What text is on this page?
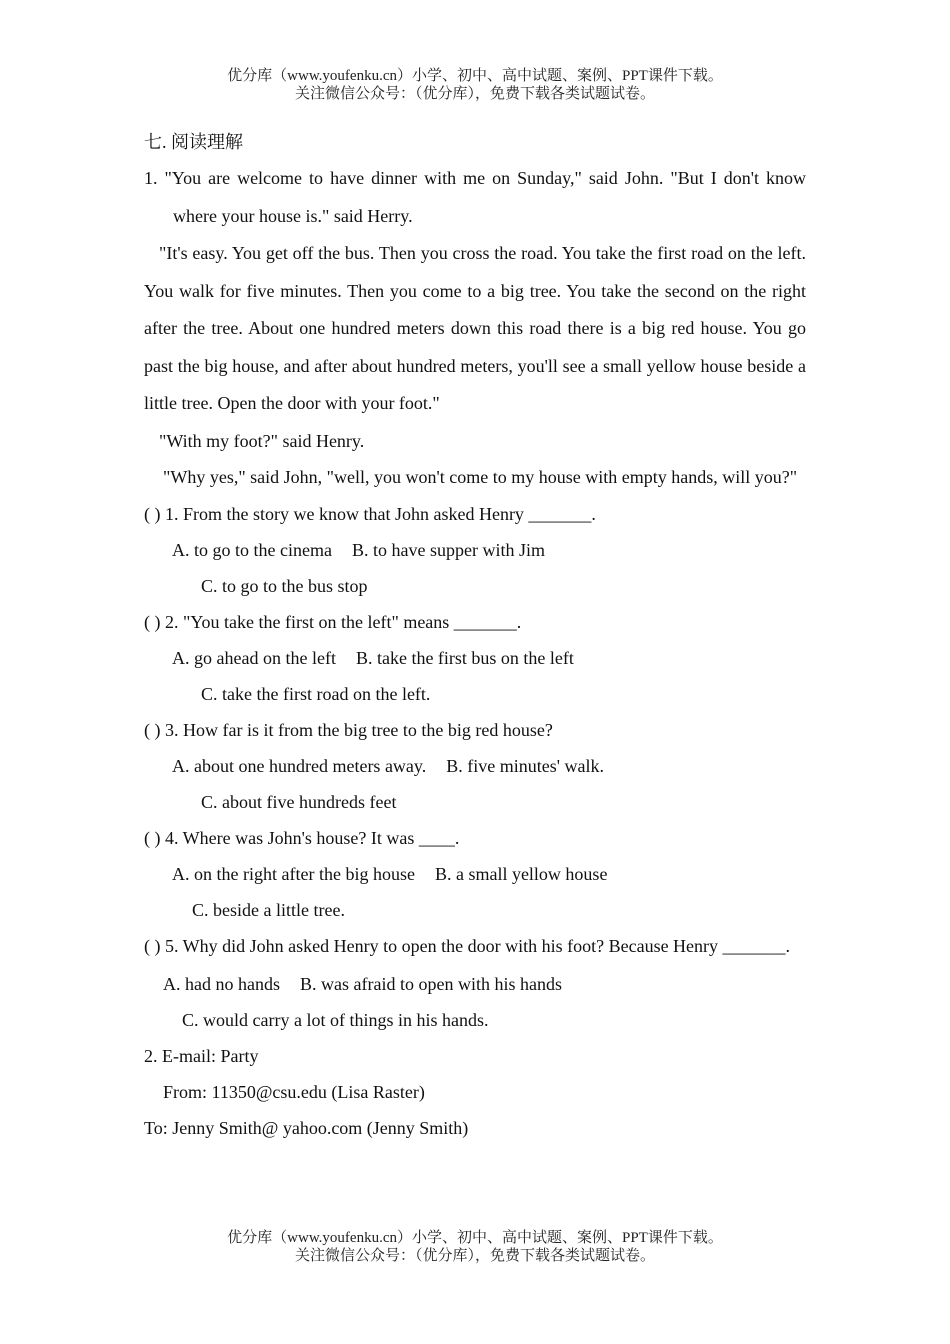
优分库（www.youfenku.cn）小学、初中、高中试题、案例、PPT课件下载。
关注微信公众号：（优分库），免费下载各类试题试卷。
七. 阅读理解
1. "You are welcome to have dinner with me on Sunday," said John. "But I don't know where your house is." said Herry.
"It's easy. You get off the bus. Then you cross the road. You take the first road on the left. You walk for five minutes. Then you come to a big tree. You take the second on the right after the tree. About one hundred meters down this road there is a big red house. You go past the big house, and after about hundred meters, you'll see a small yellow house beside a little tree. Open the door with your foot."
"With my foot?" said Henry.
"Why yes," said John, "well, you won't come to my house with empty hands, will you?"
( ) 1. From the story we know that John asked Henry _______.
A. to go to the cinema B. to have supper with Jim
C. to go to the bus stop
( ) 2. "You take the first on the left" means _______.
A. go ahead on the left B. take the first bus on the left
C. take the first road on the left.
( ) 3. How far is it from the big tree to the big red house?
A. about one hundred meters away. B. five minutes' walk.
C. about five hundreds feet
( ) 4. Where was John's house? It was ____.
A. on the right after the big house B. a small yellow house
C. beside a little tree.
( ) 5. Why did John asked Henry to open the door with his foot? Because Henry _______.
A. had no hands B. was afraid to open with his hands
C. would carry a lot of things in his hands.
2. E-mail: Party
From: 11350@csu.edu (Lisa Raster)
To: Jenny Smith@ yahoo.com (Jenny Smith)
优分库（www.youfenku.cn）小学、初中、高中试题、案例、PPT课件下载。
关注微信公众号：（优分库），免费下载各类试题试卷。
